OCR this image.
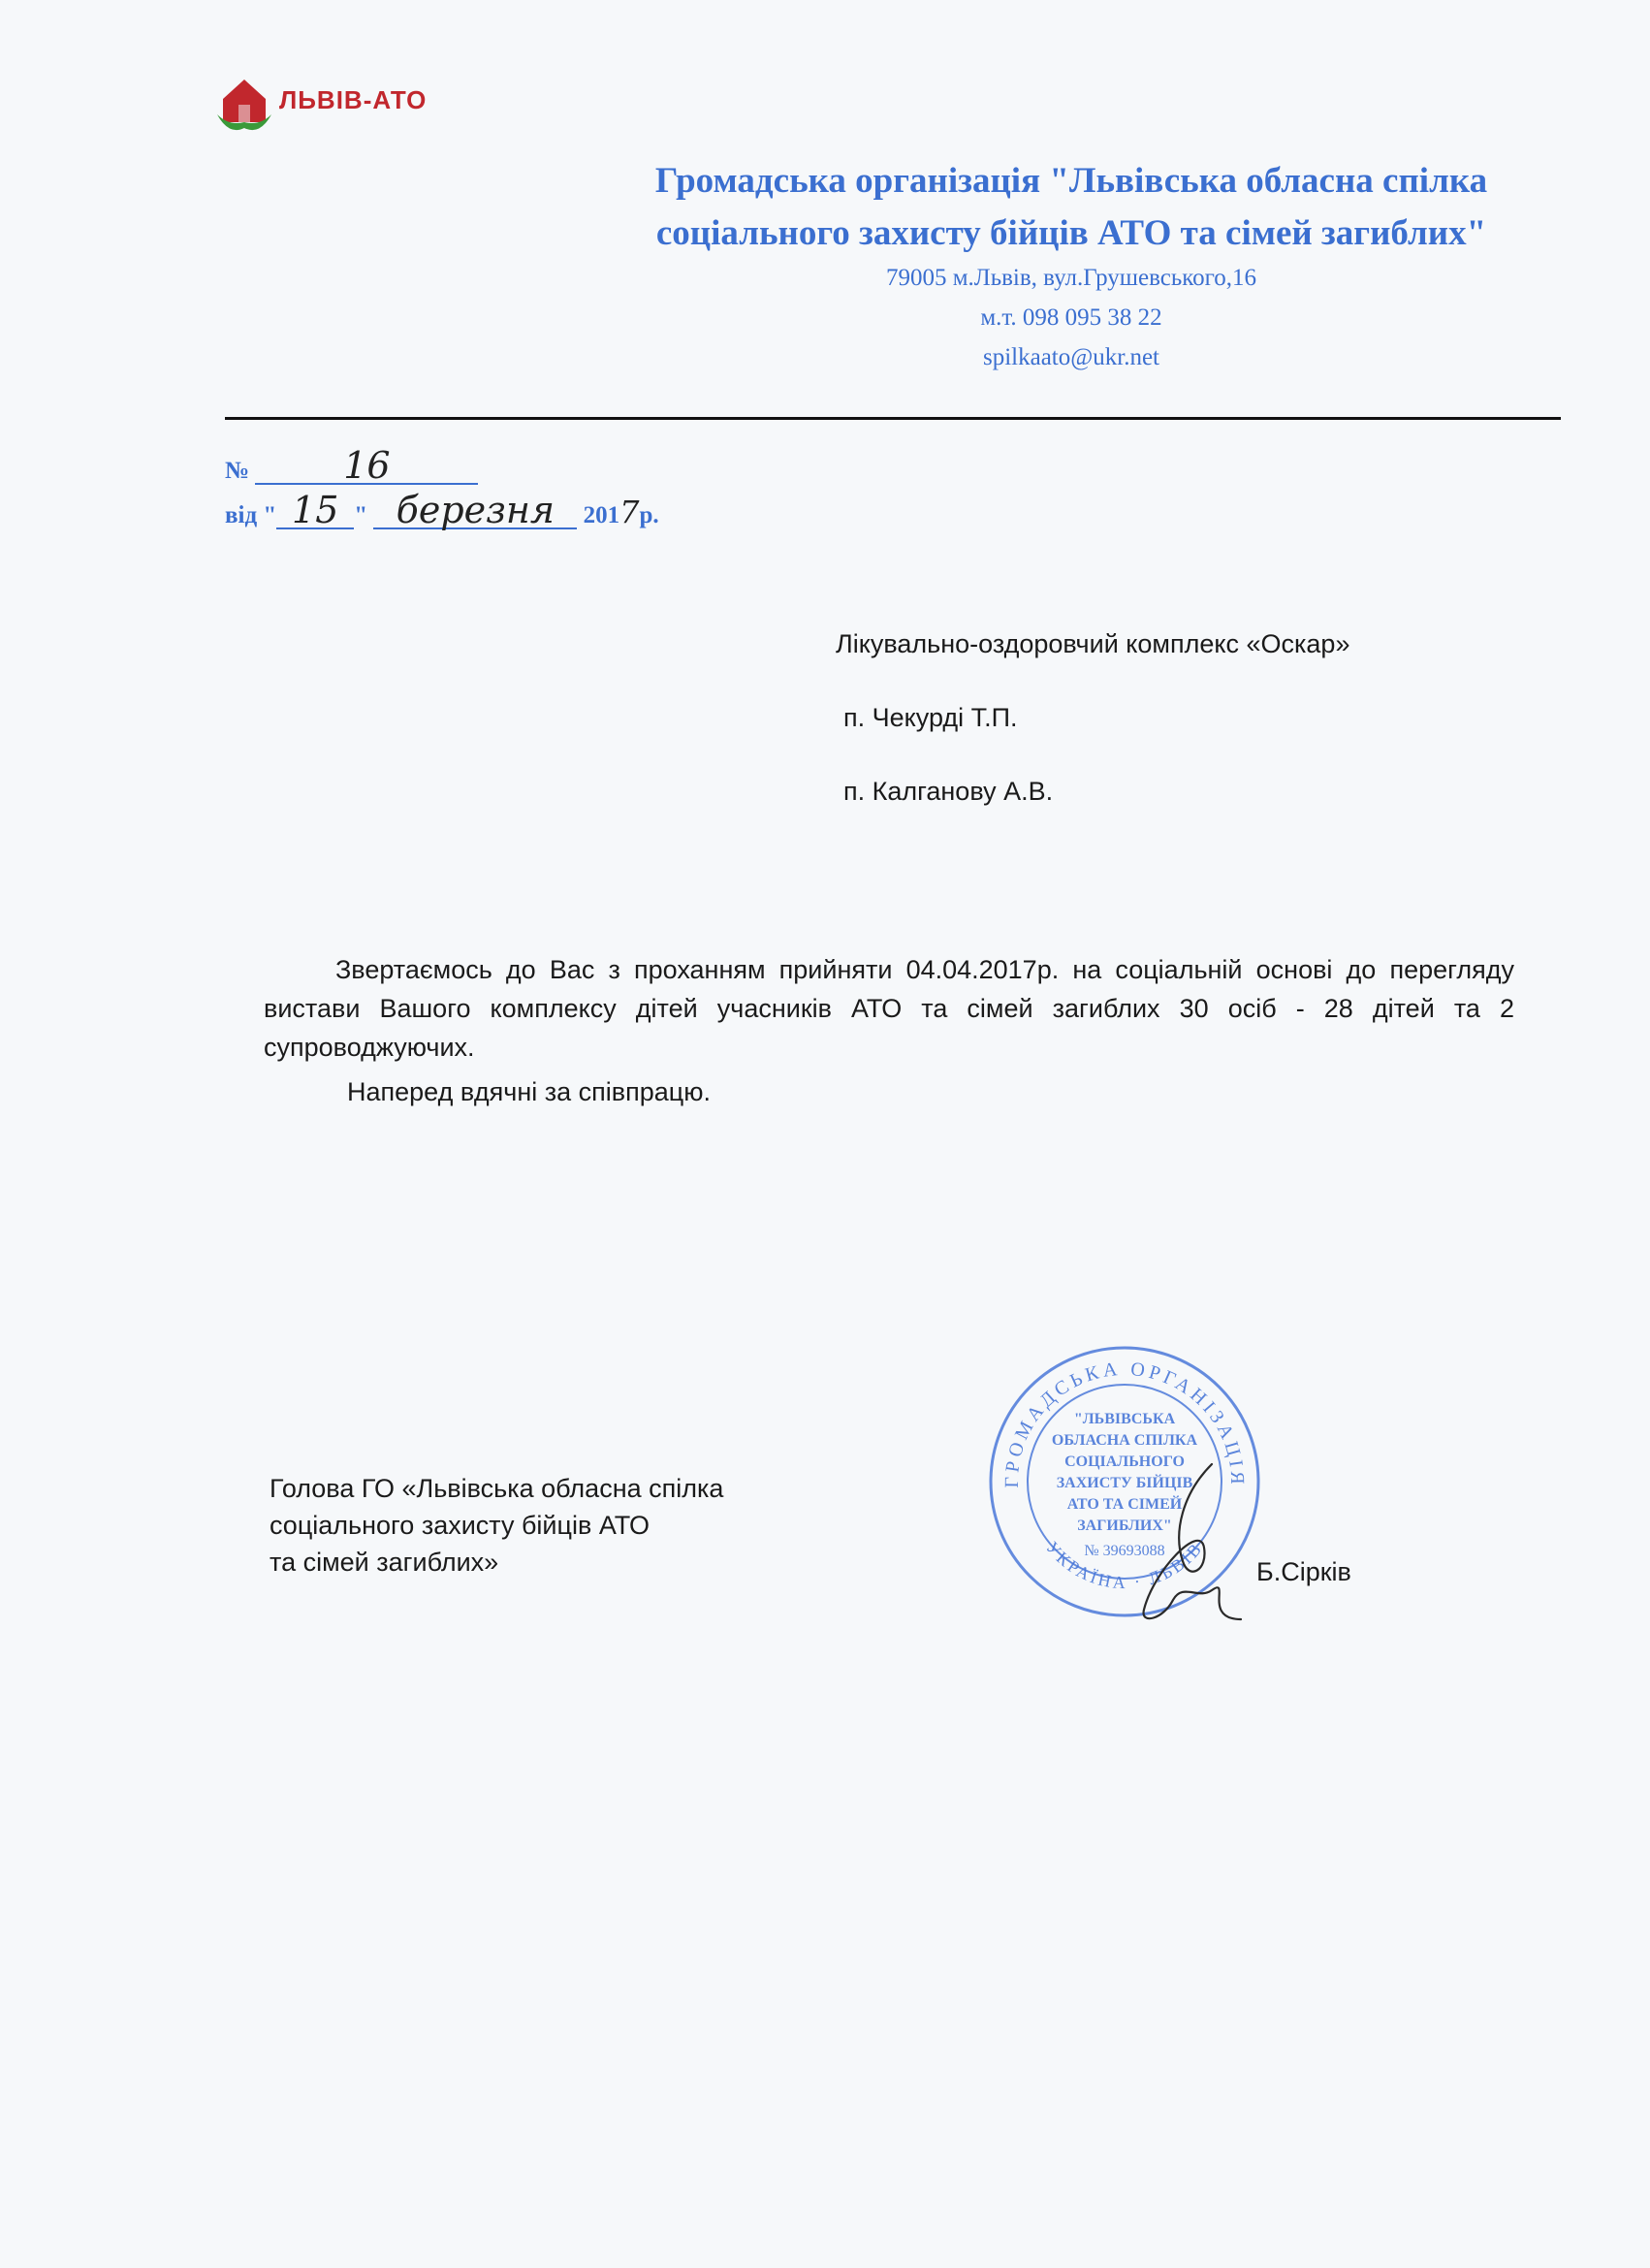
ЛЬВІВ-АТО
Громадська організація "Львівська обласна спілка
соціального захисту бійців АТО та сімей загиблих"
79005 м.Львів, вул.Грушевського,16
м.т. 098 095 38 22
spilkaato@ukr.net
№	16
від " 15 " березня 2017р.
Лікувально-оздоровчий комплекс «Оскар»
п. Чекурді Т.П.
п. Калганову А.В.

Звертаємось до Вас з проханням прийняти 04.04.2017р. на соціальній основі до перегляду вистави Вашого комплексу дітей учасників АТО та сімей загиблих 30 осіб - 28 дітей та 2 супроводжуючих.

Наперед вдячні за співпрацю.

Голова ГО «Львівська обласна спілка
соціального захисту бійців АТО
та сімей загиблих»
ГРОМАДСЬКА ОРГАНІЗАЦІЯ
УКРАЇНА · ЛЬВІВ
"ЛЬВІВСЬКА
ОБЛАСНА СПІЛКА
СОЦІАЛЬНОГО
ЗАХИСТУ БІЙЦІВ
АТО ТА СІМЕЙ
ЗАГИБЛИХ"
№ 39693088
Б.Сірків
